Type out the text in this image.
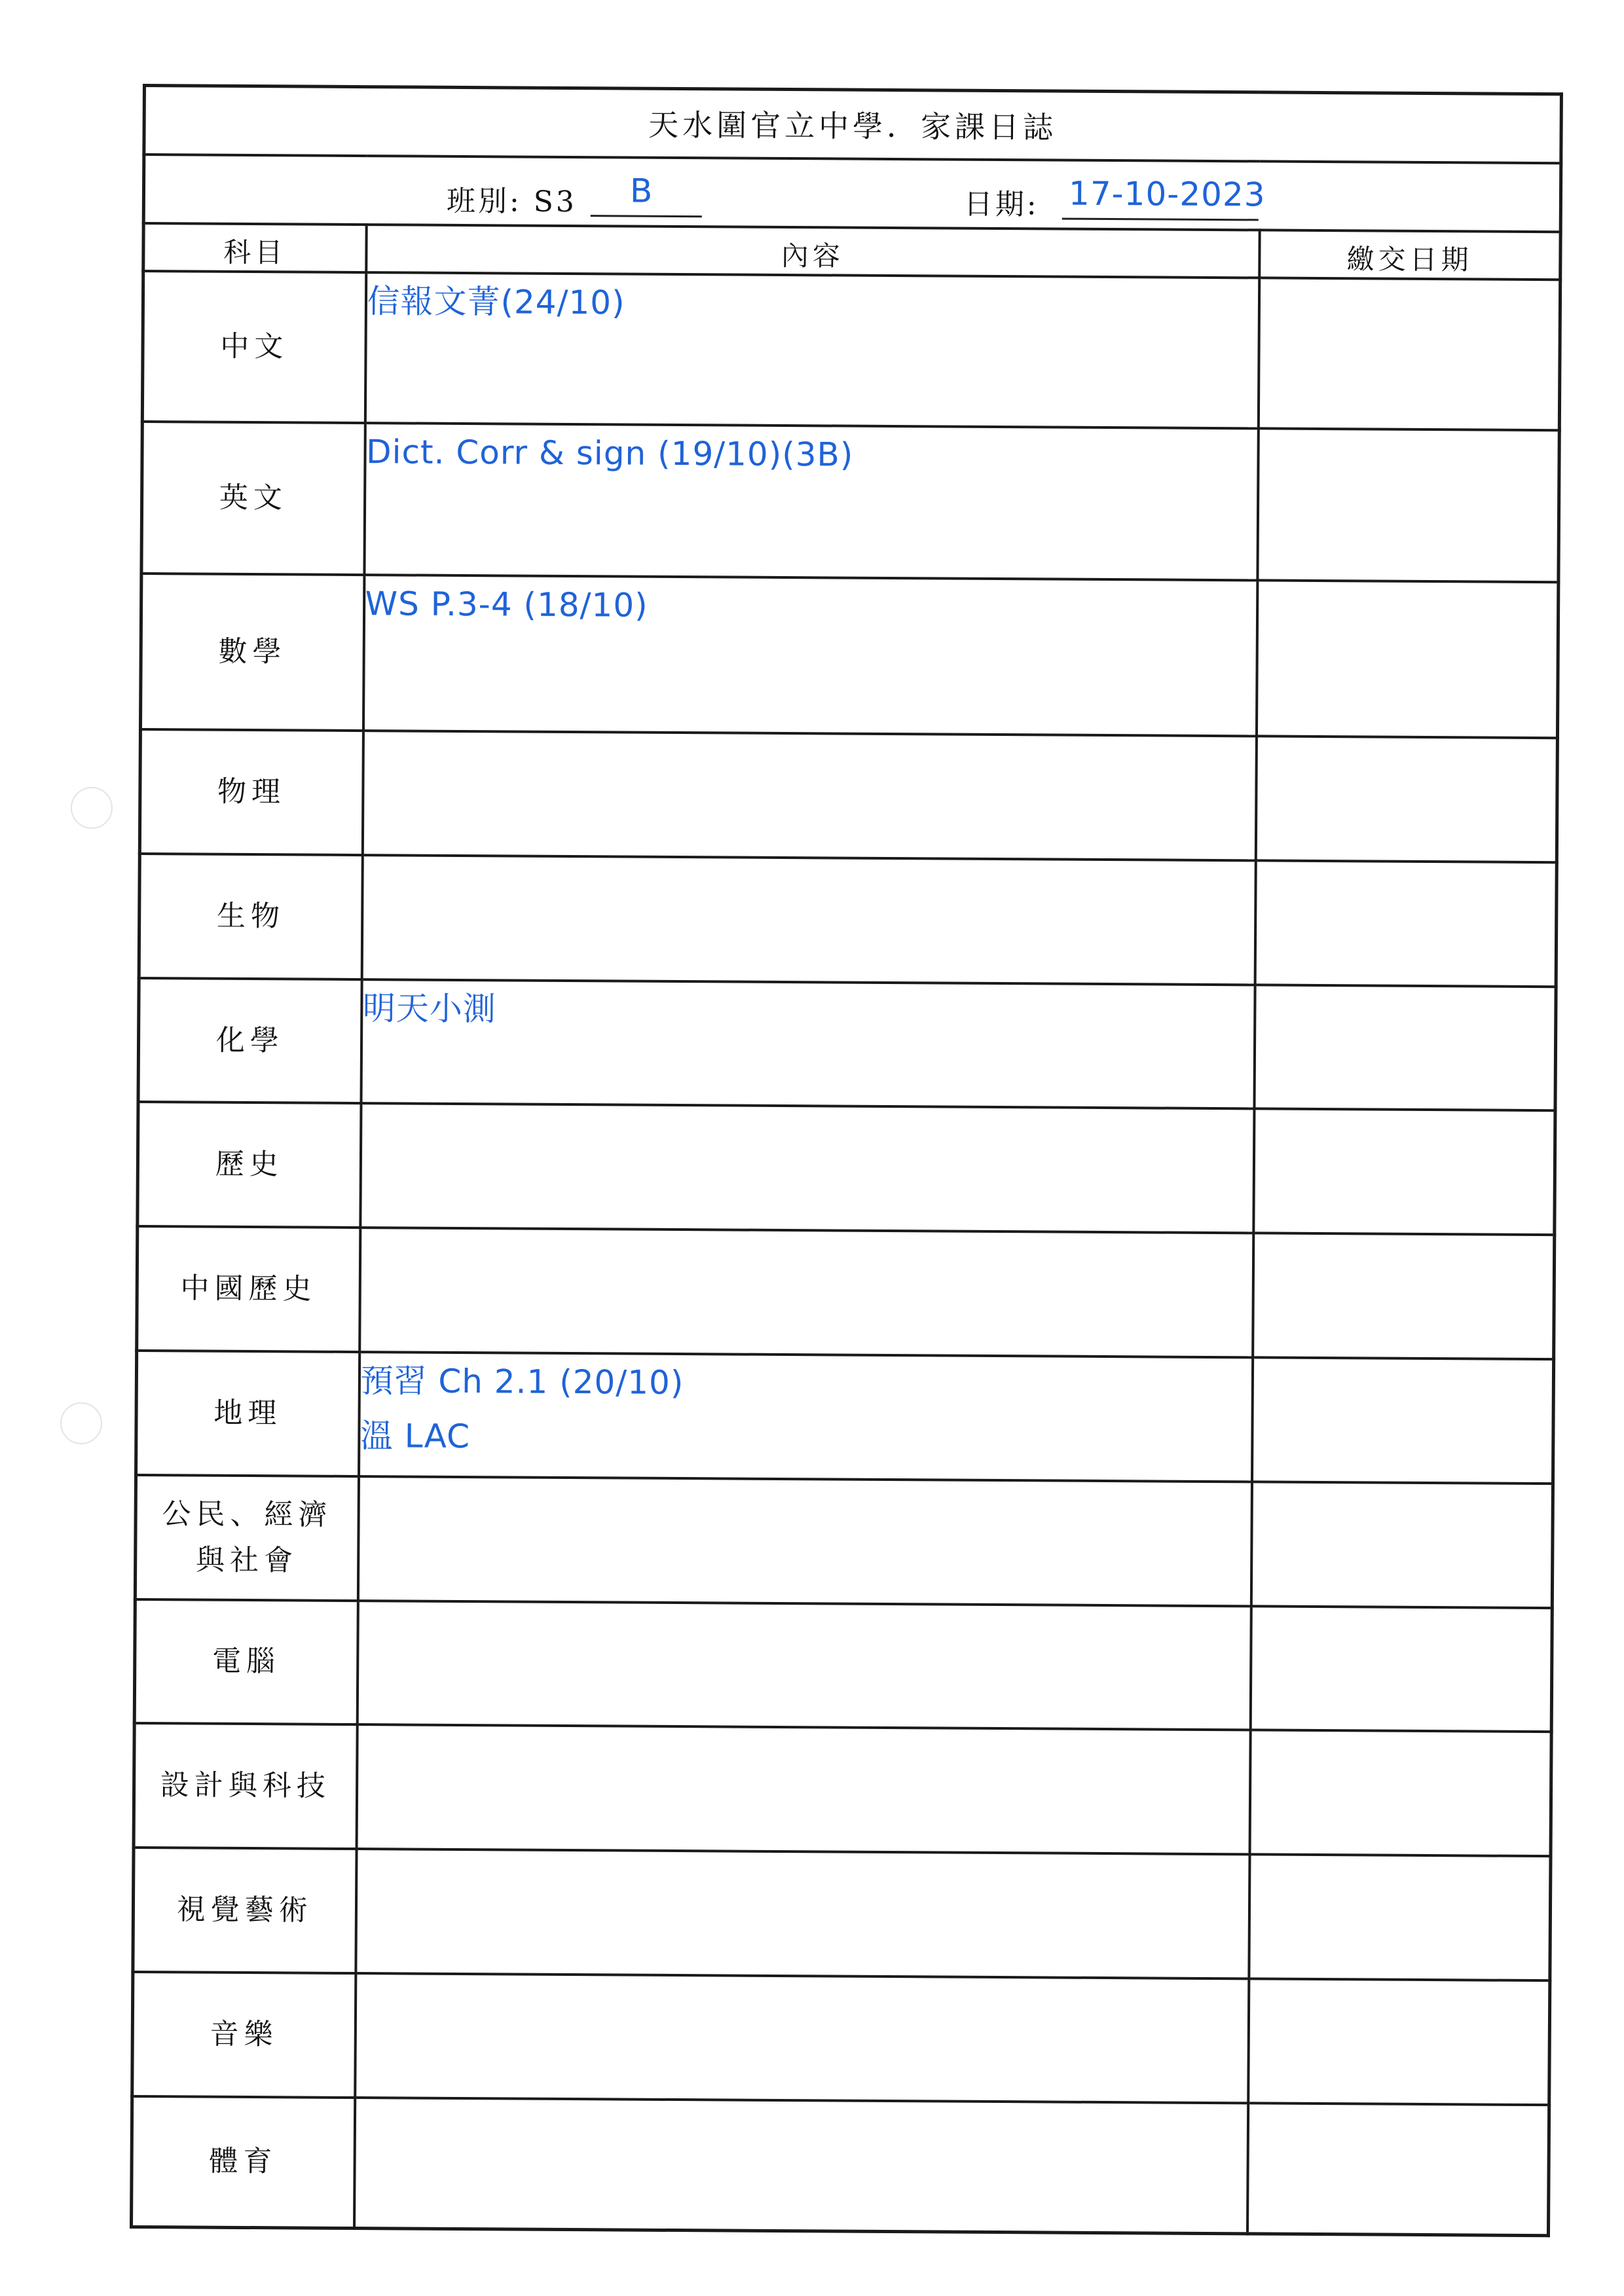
天水圍官立中學．家課日誌		

班別: S3 B 日期: 17-10-2023		

科目	內容	繳交日期
中文	信報文菁(24/10)	

英文	Dict. Corr & sign (19/10)(3B)	

數學	WS P.3-4 (18/10)	

物理		
生物		
化學	明天小測	

歷史		
中國歷史		
地理	預習 Ch 2.1 (20/10)
溫 LAC	

公民、經濟
與社會		
電腦		
設計與科技		
視覺藝術		
音樂		
體育		
